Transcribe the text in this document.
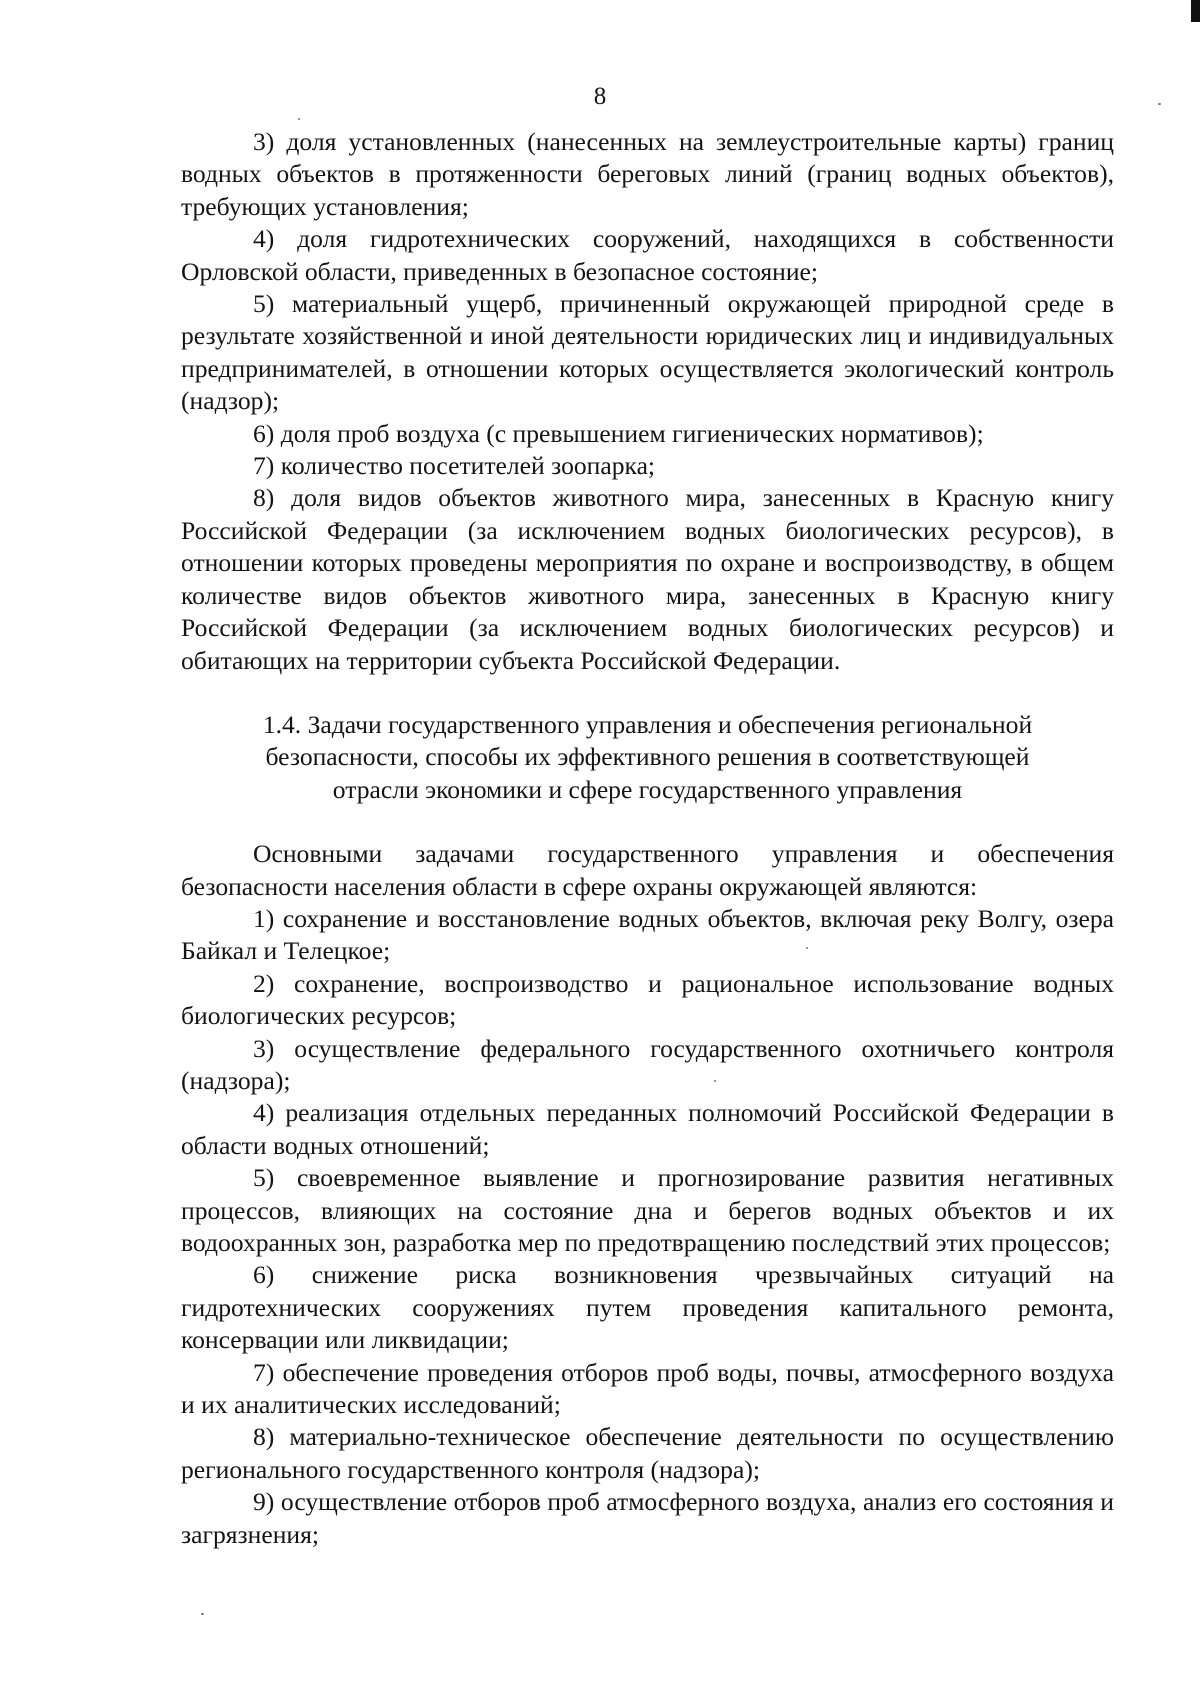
8

3) доля установленных (нанесенных на землеустроительные карты) границ водных объектов в протяженности береговых линий (границ водных объектов), требующих установления;

4) доля гидротехнических сооружений, находящихся в собственности Орловской области, приведенных в безопасное состояние;

5) материальный ущерб, причиненный окружающей природной среде в результате хозяйственной и иной деятельности юридических лиц и индивидуальных предпринимателей, в отношении которых осуществляется экологический контроль (надзор);

6) доля проб воздуха (с превышением гигиенических нормативов);

7) количество посетителей зоопарка;

8) доля видов объектов животного мира, занесенных в Красную книгу Российской Федерации (за исключением водных биологических ресурсов), в отношении которых проведены мероприятия по охране и воспроизводству, в общем количестве видов объектов животного мира, занесенных в Красную книгу Российской Федерации (за исключением водных биологических ресурсов) и обитающих на территории субъекта Российской Федерации.

1.4. Задачи государственного управления и обеспечения региональной
безопасности, способы их эффективного решения в соответствующей
отрасли экономики и сфере государственного управления

Основными задачами государственного управления и обеспечения безопасности населения области в сфере охраны окружающей являются:

1) сохранение и восстановление водных объектов, включая реку Волгу, озера Байкал и Телецкое;

2) сохранение, воспроизводство и рациональное использование водных биологических ресурсов;

3) осуществление федерального государственного охотничьего контроля (надзора);

4) реализация отдельных переданных полномочий Российской Федерации в области водных отношений;

5) своевременное выявление и прогнозирование развития негативных процессов, влияющих на состояние дна и берегов водных объектов и их водоохранных зон, разработка мер по предотвращению последствий этих процессов;

6) снижение риска возникновения чрезвычайных ситуаций на гидротехнических сооружениях путем проведения капитального ремонта, консервации или ликвидации;

7) обеспечение проведения отборов проб воды, почвы, атмосферного воздуха и их аналитических исследований;

8) материально-техническое обеспечение деятельности по осуществлению регионального государственного контроля (надзора);

9) осуществление отборов проб атмосферного воздуха, анализ его состояния и загрязнения;
